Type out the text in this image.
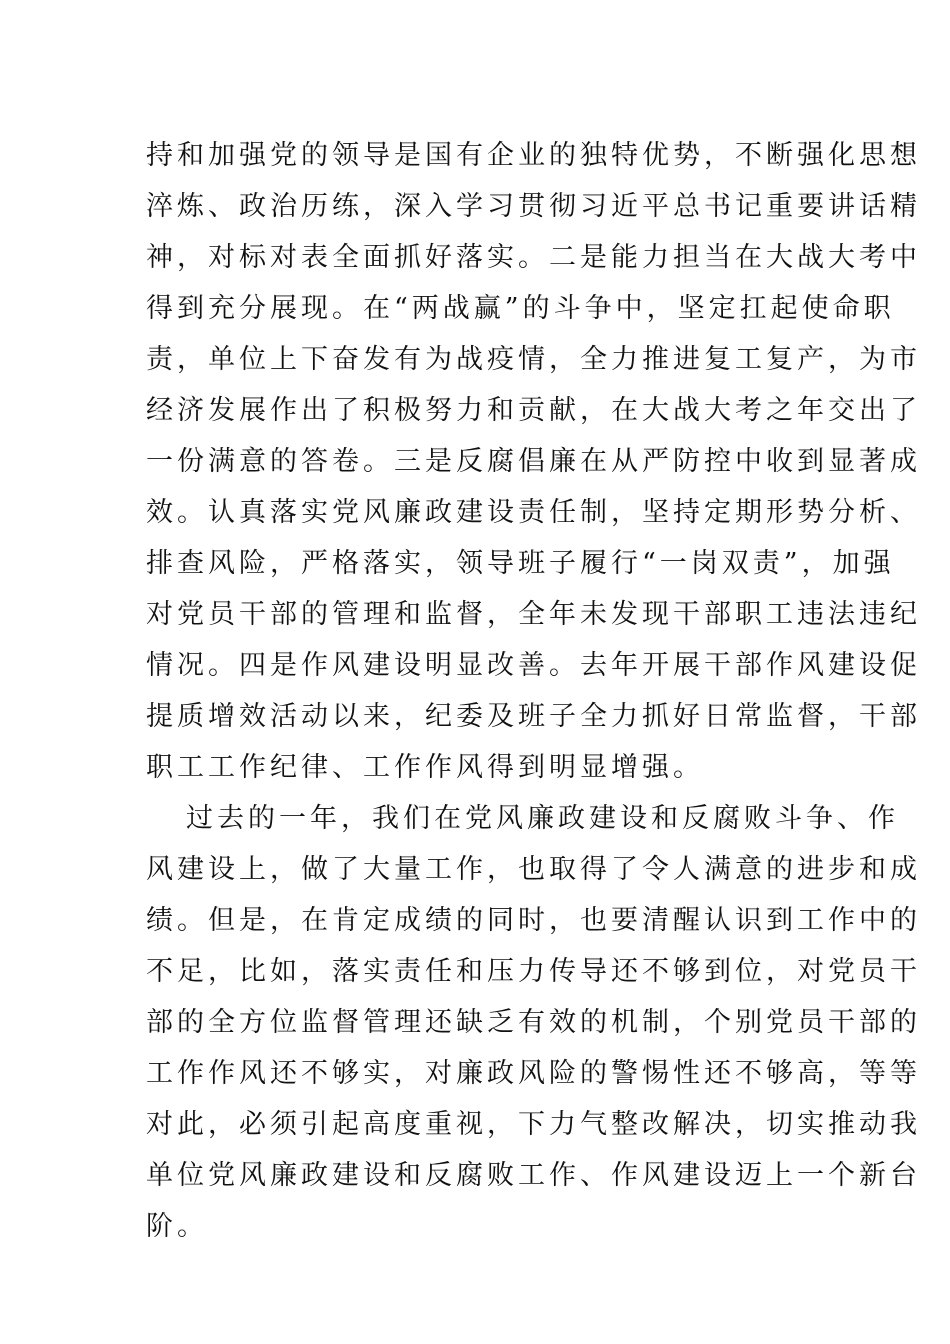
持和加强党的领导是国有企业的独特优势，不断强化思想
淬炼、政治历练，深入学习贯彻习近平总书记重要讲话精
神，对标对表全面抓好落实。二是能力担当在大战大考中
得到充分展现。在“两战赢”的斗争中，坚定扛起使命职
责，单位上下奋发有为战疫情，全力推进复工复产，为市
经济发展作出了积极努力和贡献，在大战大考之年交出了
一份满意的答卷。三是反腐倡廉在从严防控中收到显著成
效。认真落实党风廉政建设责任制，坚持定期形势分析、
排查风险，严格落实，领导班子履行“一岗双责”，加强
对党员干部的管理和监督，全年未发现干部职工违法违纪
情况。四是作风建设明显改善。去年开展干部作风建设促
提质增效活动以来，纪委及班子全力抓好日常监督，干部
职工工作纪律、工作作风得到明显增强。
过去的一年，我们在党风廉政建设和反腐败斗争、作
风建设上，做了大量工作，也取得了令人满意的进步和成
绩。但是，在肯定成绩的同时，也要清醒认识到工作中的
不足，比如，落实责任和压力传导还不够到位，对党员干
部的全方位监督管理还缺乏有效的机制，个别党员干部的
工作作风还不够实，对廉政风险的警惕性还不够高，等等
对此，必须引起高度重视，下力气整改解决，切实推动我
单位党风廉政建设和反腐败工作、作风建设迈上一个新台
阶。
